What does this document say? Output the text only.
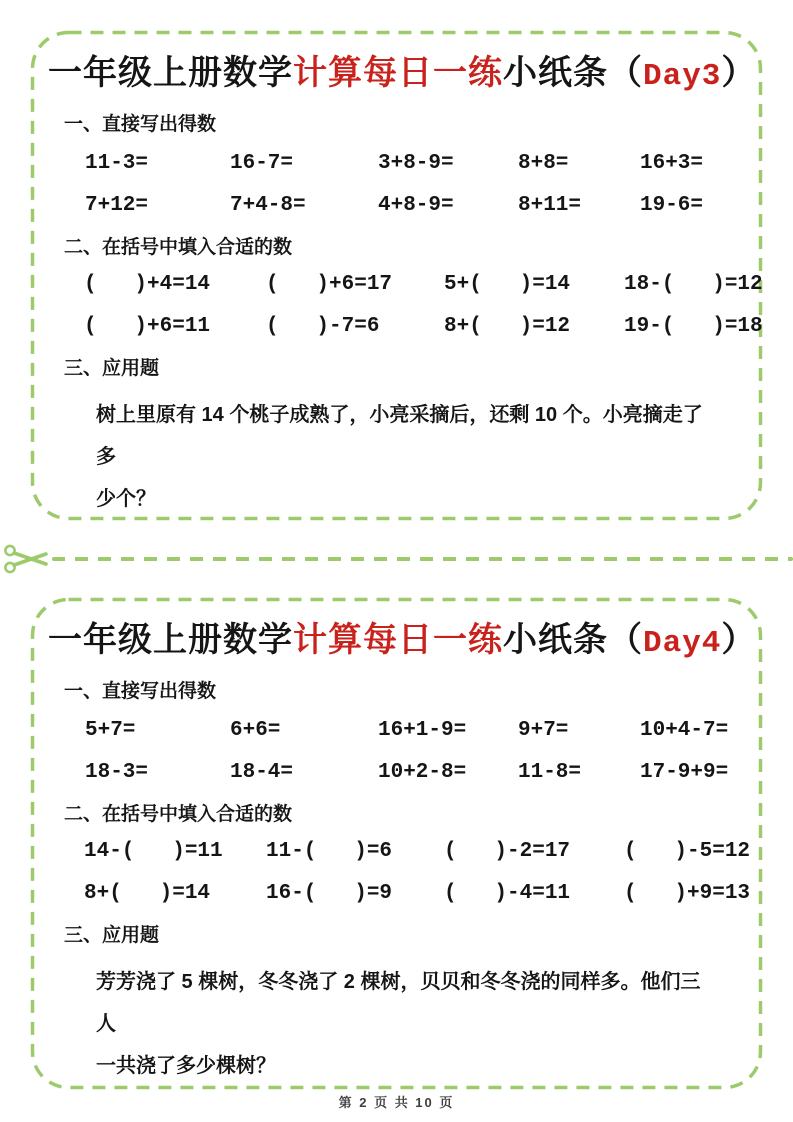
一年级上册数学计算每日一练小纸条（Day3）
一、直接写出得数
11-3=	16-7=	3+8-9=	8+8=	16+3=
7+12=	7+4-8=	4+8-9=	8+11=	19-6=
二、在括号中填入合适的数
(   )+4=14	(   )+6=17	5+(   )=14	18-(   )=12
(   )+6=11	(   )-7=6	8+(   )=12	19-(   )=18
三、应用题
树上里原有 14 个桃子成熟了，小亮采摘后，还剩 10 个。小亮摘走了多
少个？
一年级上册数学计算每日一练小纸条（Day4）
一、直接写出得数
5+7=	6+6=	16+1-9=	9+7=	10+4-7=
18-3=	18-4=	10+2-8=	11-8=	17-9+9=
二、在括号中填入合适的数
14-(   )=11	11-(   )=6	(   )-2=17	(   )-5=12
8+(   )=14	16-(   )=9	(   )-4=11	(   )+9=13
三、应用题
芳芳浇了 5 棵树，冬冬浇了 2 棵树，贝贝和冬冬浇的同样多。他们三人
一共浇了多少棵树？
第 2 页 共 10 页
